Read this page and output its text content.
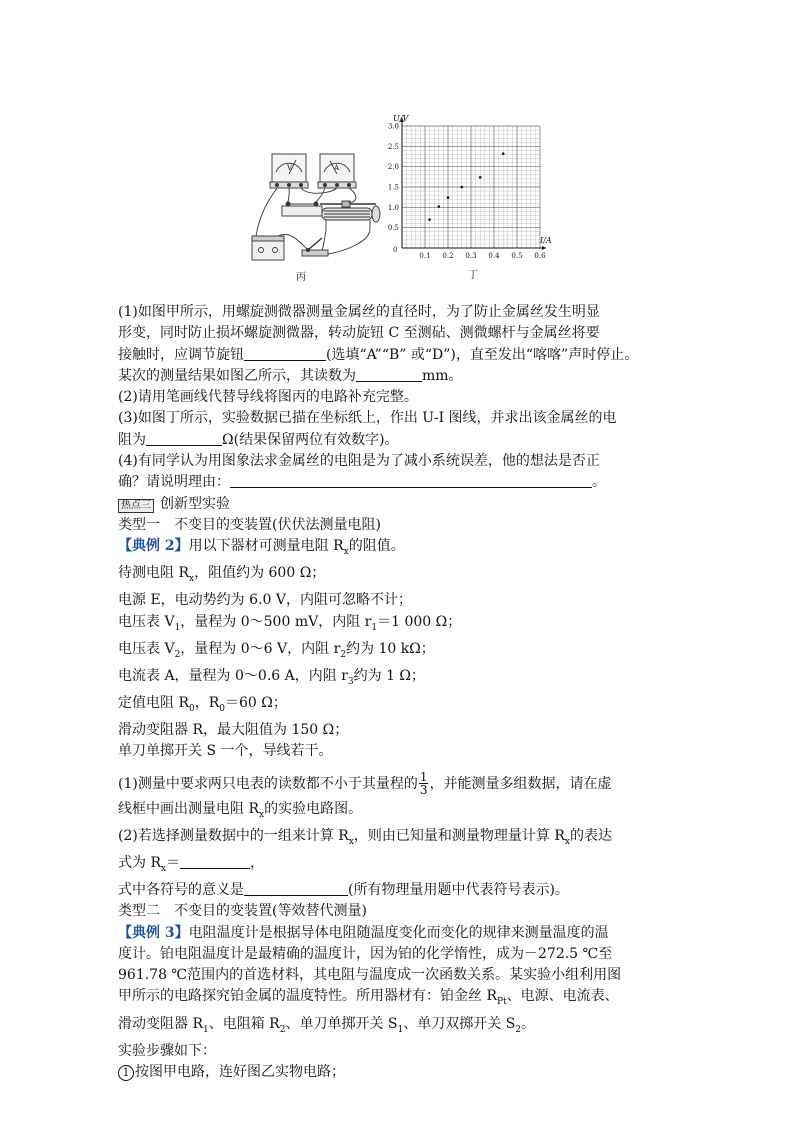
V	A
丙
U/V
I/A
0
3.0
2.5
2.0
1.5
1.0
0.5
0.1 0.2 0.3 0.4 0.5 0.6
丁
(1)如图甲所示，用螺旋测微器测量金属丝的直径时，为了防止金属丝发生明显
形变，同时防止损坏螺旋测微器，转动旋钮 C 至测砧、测微螺杆与金属丝将要
接触时，应调节旋钮	(选填“A”“B” 或“D”)，直至发出“喀喀”声时停止。
某次的测量结果如图乙所示，其读数为	mm。
(2)请用笔画线代替导线将图丙的电路补充完整。
(3)如图丁所示，实验数据已描在坐标纸上，作出 U-I 图线，并求出该金属丝的电
阻为	Ω(结果保留两位有效数字)。
(4)有同学认为用图象法求金属丝的电阻是为了减小系统误差，他的想法是否正
确？请说明理由：	。
热点三 创新型实验
类型一　不变目的变装置(伏伏法测量电阻)
【典例 2】用以下器材可测量电阻 $R_x$的阻值。
待测电阻 $R_x$，阻值约为 600 Ω；
电源 E，电动势约为 6.0 V，内阻可忽略不计；
电压表 $V_1$，量程为 0～500 mV，内阻 $r_1=1$ 000 Ω；
电压表 $V_2$，量程为 0～6 V，内阻 $r_2$约为 10 kΩ；
电流表 A，量程为 0～0.6 A，内阻 $r_3$约为 1 Ω；
定值电阻 $R_0$，$R_0=60$ Ω；
滑动变阻器 R，最大阻值为 150 Ω；
单刀单掷开关 S 一个，导线若干。
(1)测量中要求两只电表的读数都不小于其量程的 $\frac{1}{3}$ ，并能测量多组数据，请在虚
线框中画出测量电阻 $R_x$的实验电路图。
(2)若选择测量数据中的一组来计算 $R_x$，则由已知量和测量物理量计算 $R_x$的表达
式为 $R_x=$	，
式中各符号的意义是	(所有物理量用题中代表符号表示)。
类型二　不变目的变装置(等效替代测量)
【典例 3】电阻温度计是根据导体电阻随温度变化而变化的规律来测量温度的温
度计。铂电阻温度计是最精确的温度计，因为铂的化学惰性，成为－272.5 ℃至
961.78 ℃范围内的首选材料，其电阻与温度成一次函数关系。某实验小组利用图
甲所示的电路探究铂金属的温度特性。所用器材有：铂金丝 $R_{Pt}$、电源、电流表、
滑动变阻器 $R_1$、电阻箱 $R_2$、单刀单掷开关 $S_1$、单刀双掷开关 $S_2$。
实验步骤如下：
1 按图甲电路，连好图乙实物电路；
